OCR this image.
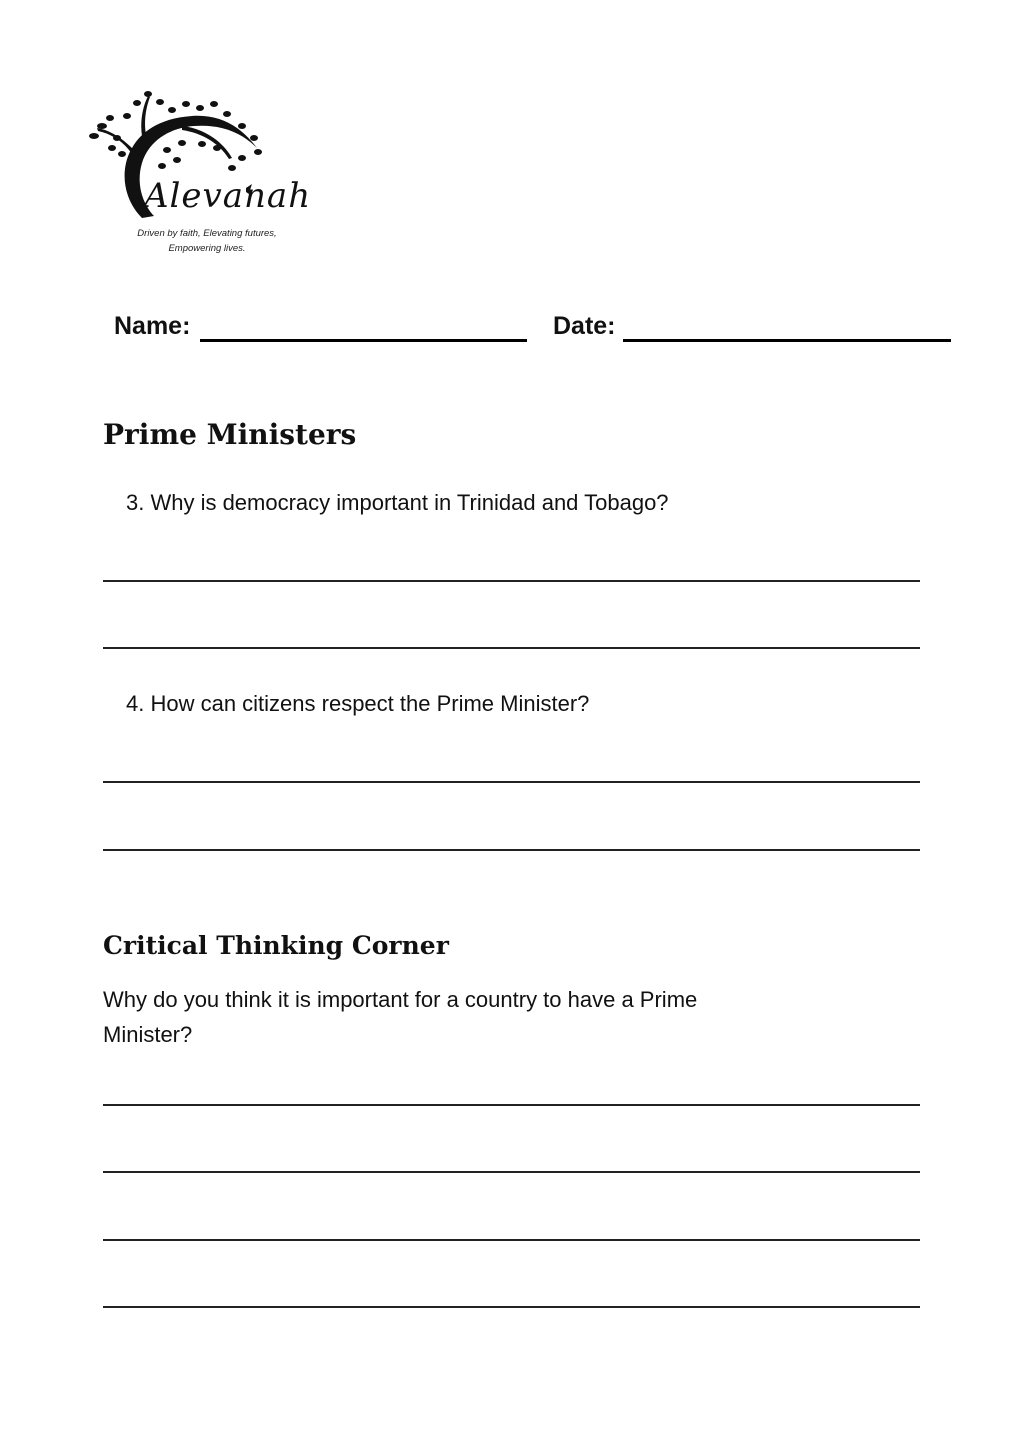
Alevanah
Driven by faith, Elevating futures,
Empowering lives.
Name:	Date:
Prime Ministers
3. Why is democracy important in Trinidad and Tobago?
4. How can citizens respect the Prime Minister?
Critical Thinking Corner
Why do you think it is important for a country to have a Prime
Minister?
